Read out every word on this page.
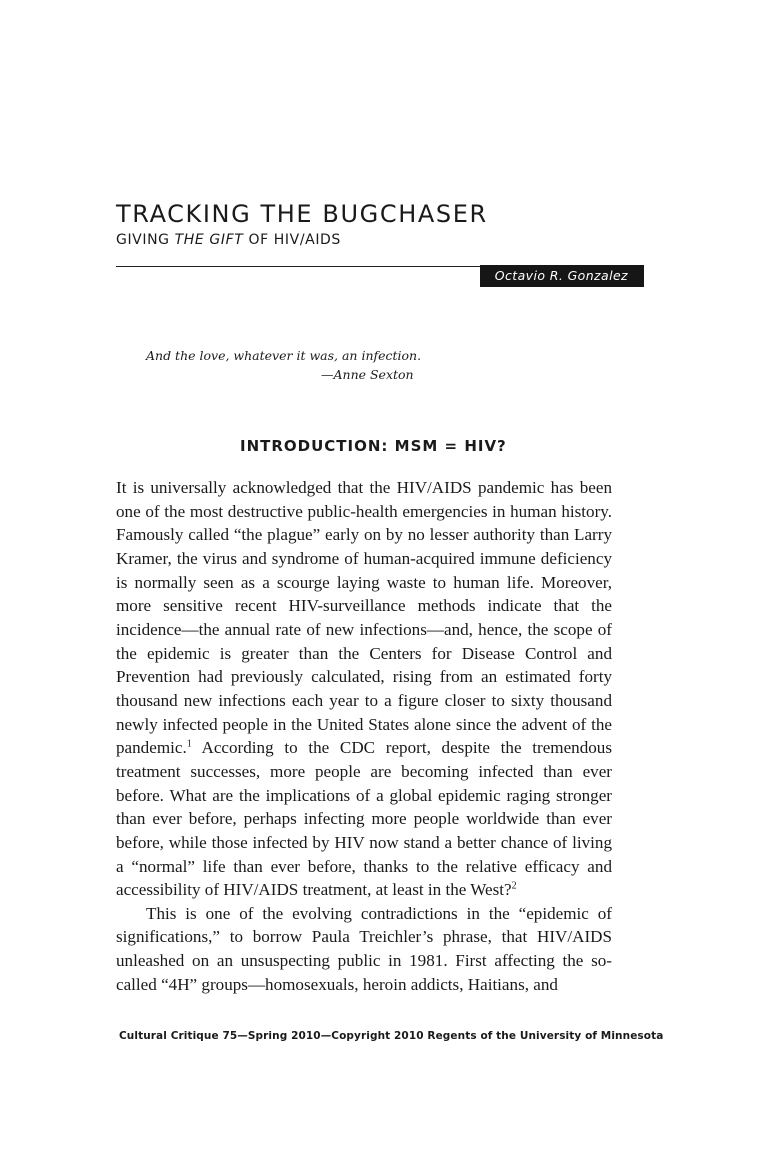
TRACKING THE BUGCHASER
GIVING THE GIFT OF HIV/AIDS
Octavio R. Gonzalez
And the love, whatever it was, an infection.
—Anne Sexton
INTRODUCTION: MSM = HIV?

It is universally acknowledged that the HIV/AIDS pandemic has been one of the most destructive public-health emergencies in human history. Famously called “the plague” early on by no lesser authority than Larry Kramer, the virus and syndrome of human-acquired immune deficiency is normally seen as a scourge laying waste to human life. Moreover, more sensitive recent HIV-surveillance methods indicate that the incidence—the annual rate of new infections—and, hence, the scope of the epidemic is greater than the Centers for Disease Control and Prevention had previously calculated, rising from an estimated forty thousand new infections each year to a figure closer to sixty thousand newly infected people in the United States alone since the advent of the pandemic.$^1$ According to the CDC report, despite the tremendous treatment successes, more people are becoming infected than ever before. What are the implications of a global epidemic raging stronger than ever before, perhaps infecting more people worldwide than ever before, while those infected by HIV now stand a better chance of living a “normal” life than ever before, thanks to the relative efficacy and accessibility of HIV/AIDS treatment, at least in the West?$^2$

This is one of the evolving contradictions in the “epidemic of significations,” to borrow Paula Treichler’s phrase, that HIV/AIDS unleashed on an unsuspecting public in 1981. First affecting the so-called “4H” groups—homosexuals, heroin addicts, Haitians, and

Cultural Critique 75—Spring 2010—Copyright 2010 Regents of the University of Minnesota
